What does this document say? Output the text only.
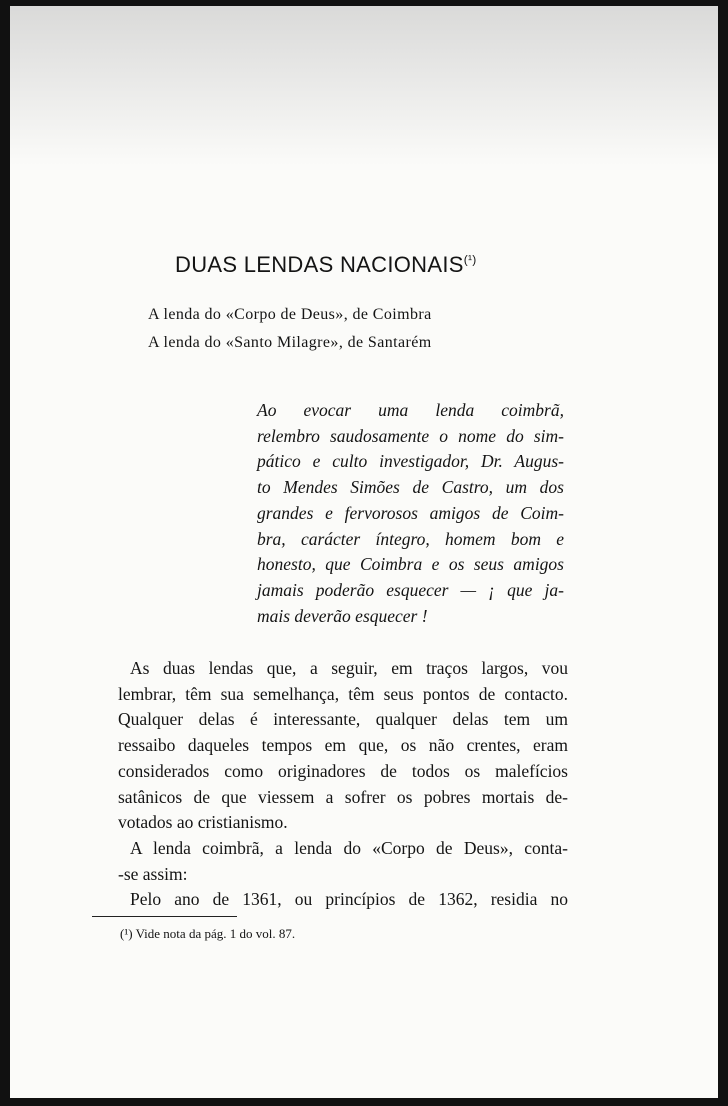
DUAS LENDAS NACIONAIS$^{(^1)}$
A lenda do «Corpo de Deus», de Coimbra
A lenda do «Santo Milagre», de Santarém
Ao evocar uma lenda coimbrã,
relembro saudosamente o nome do sim-
pático e culto investigador, Dr. Augus-
to Mendes Simões de Castro, um dos
grandes e fervorosos amigos de Coim-
bra, carácter íntegro, homem bom e
honesto, que Coimbra e os seus amigos
jamais poderão esquecer — ¡ que ja-
mais deverão esquecer !
As duas lendas que, a seguir, em traços largos, vou
lembrar, têm sua semelhança, têm seus pontos de contacto.
Qualquer delas é interessante, qualquer delas tem um
ressaibo daqueles tempos em que, os não crentes, eram
considerados como originadores de todos os malefícios
satânicos de que viessem a sofrer os pobres mortais de-
votados ao cristianismo.
A lenda coimbrã, a lenda do «Corpo de Deus», conta-
-se assim:
Pelo ano de 1361, ou princípios de 1362, residia no
(¹) Vide nota da pág. 1 do vol. 87.
